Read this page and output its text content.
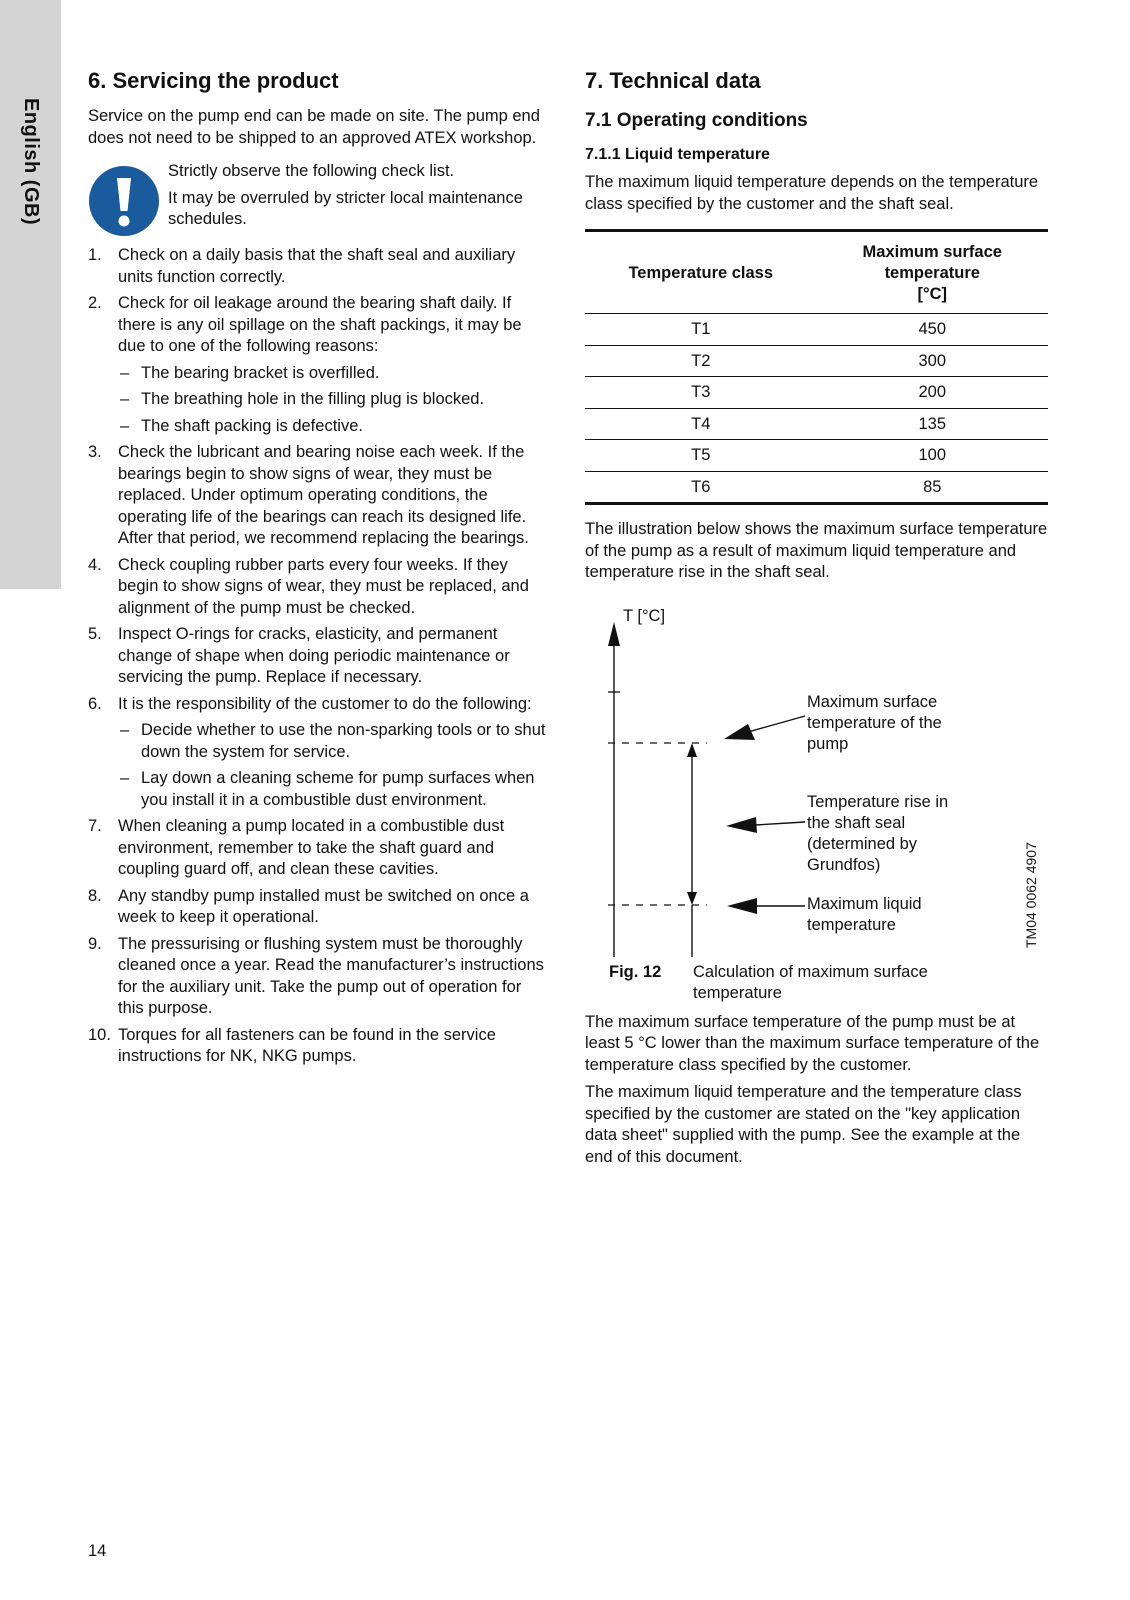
English (GB)
6. Servicing the product

Service on the pump end can be made on site. The pump end does not need to be shipped to an approved ATEX workshop.

Strictly observe the following check list.

It may be overruled by stricter local maintenance schedules.

1. Check on a daily basis that the shaft seal and auxiliary units function correctly.
2. Check for oil leakage around the bearing shaft daily. If there is any oil spillage on the shaft packings, it may be due to one of the following reasons:
– The bearing bracket is overfilled.
– The breathing hole in the filling plug is blocked.
– The shaft packing is defective.
3. Check the lubricant and bearing noise each week. If the bearings begin to show signs of wear, they must be replaced. Under optimum operating conditions, the operating life of the bearings can reach its designed life. After that period, we recommend replacing the bearings.
4. Check coupling rubber parts every four weeks. If they begin to show signs of wear, they must be replaced, and alignment of the pump must be checked.
5. Inspect O-rings for cracks, elasticity, and permanent change of shape when doing periodic maintenance or servicing the pump. Replace if necessary.
6. It is the responsibility of the customer to do the following:
– Decide whether to use the non-sparking tools or to shut down the system for service.
– Lay down a cleaning scheme for pump surfaces when you install it in a combustible dust environment.
7. When cleaning a pump located in a combustible dust environment, remember to take the shaft guard and coupling guard off, and clean these cavities.
8. Any standby pump installed must be switched on once a week to keep it operational.
9. The pressurising or flushing system must be thoroughly cleaned once a year. Read the manufacturer’s instructions for the auxiliary unit. Take the pump out of operation for this purpose.
10. Torques for all fasteners can be found in the service instructions for NK, NKG pumps.
7. Technical data
7.1 Operating conditions
7.1.1 Liquid temperature

The maximum liquid temperature depends on the temperature class specified by the customer and the shaft seal.

Temperature class	Maximum surface
temperature
[°C]

T1	450
T2	300
T3	200
T4	135
T5	100
T6	85

The illustration below shows the maximum surface temperature of the pump as a result of maximum liquid temperature and temperature rise in the shaft seal.

T [°C]
Maximum surface
temperature of the
pump
Temperature rise in
the shaft seal
(determined by
Grundfos)
Maximum liquid
temperature	TM04 0062 4907
Fig. 12 Calculation of maximum surface temperature

The maximum surface temperature of the pump must be at least 5 °C lower than the maximum surface temperature of the temperature class specified by the customer.

The maximum liquid temperature and the temperature class specified by the customer are stated on the "key application data sheet" supplied with the pump. See the example at the end of this document.

14
